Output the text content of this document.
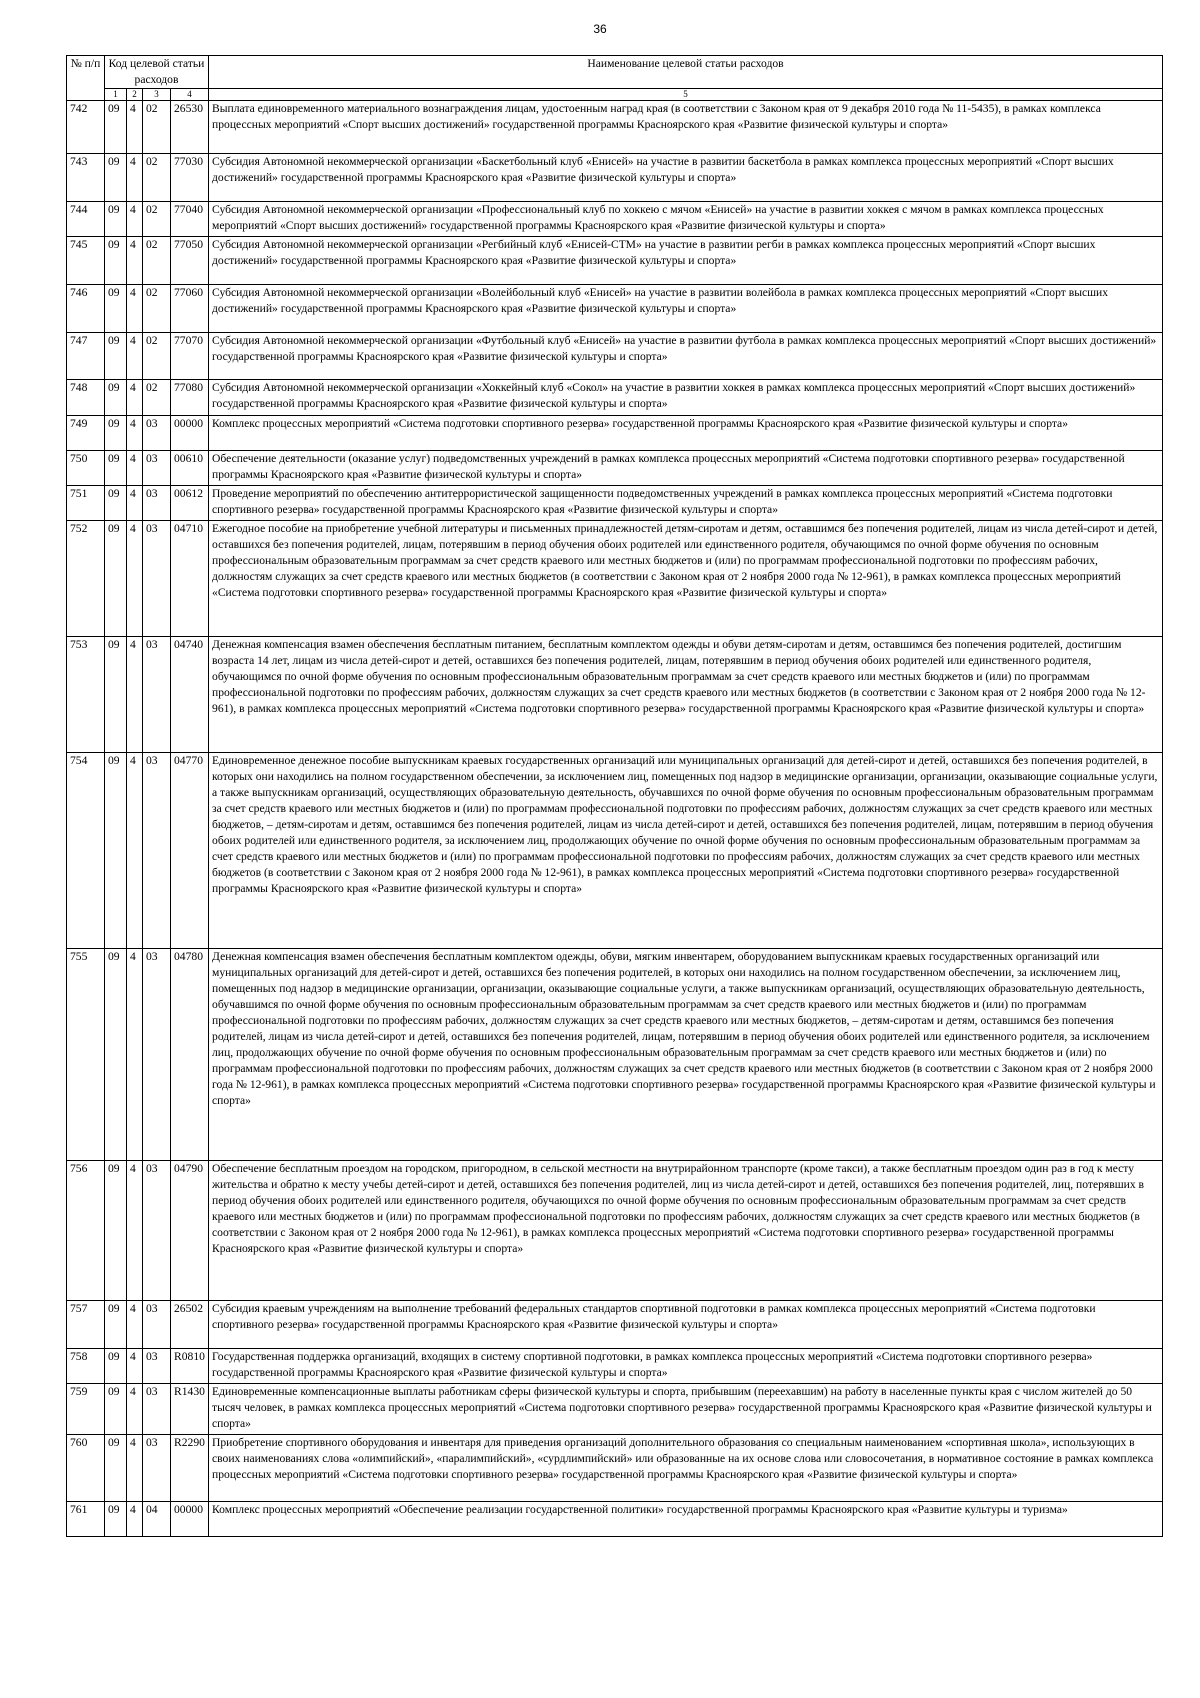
36
№ п/п	Код целевой статьи расходов				Наименование целевой статьи расходов
	1	2	3	4	5
742	09	4	02	26530	Выплата единовременного материального вознаграждения лицам, удостоенным наград края (в соответствии с Законом края от 9 декабря 2010 года № 11-5435), в рамках комплекса процессных мероприятий «Спорт высших достижений» государственной программы Красноярского края «Развитие физической культуры и спорта»
743	09	4	02	77030	Субсидия Автономной некоммерческой организации «Баскетбольный клуб «Енисей» на участие в развитии баскетбола в рамках комплекса процессных мероприятий «Спорт высших достижений» государственной программы Красноярского края «Развитие физической культуры и спорта»
744	09	4	02	77040	Субсидия Автономной некоммерческой организации «Профессиональный клуб по хоккею с мячом «Енисей» на участие в развитии хоккея с мячом в рамках комплекса процессных мероприятий «Спорт высших достижений» государственной программы Красноярского края «Развитие физической культуры и спорта»
745	09	4	02	77050	Субсидия Автономной некоммерческой организации «Регбийный клуб «Енисей-СТМ» на участие в развитии регби в рамках комплекса процессных мероприятий «Спорт высших достижений» государственной программы Красноярского края «Развитие физической культуры и спорта»
746	09	4	02	77060	Субсидия Автономной некоммерческой организации «Волейбольный клуб «Енисей» на участие в развитии волейбола в рамках комплекса процессных мероприятий «Спорт высших достижений» государственной программы Красноярского края «Развитие физической культуры и спорта»
747	09	4	02	77070	Субсидия Автономной некоммерческой организации «Футбольный клуб «Енисей» на участие в развитии футбола в рамках комплекса процессных мероприятий «Спорт высших достижений» государственной программы Красноярского края «Развитие физической культуры и спорта»
748	09	4	02	77080	Субсидия Автономной некоммерческой организации «Хоккейный клуб «Сокол» на участие в развитии хоккея в рамках комплекса процессных мероприятий «Спорт высших достижений» государственной программы Красноярского края «Развитие физической культуры и спорта»
749	09	4	03	00000	Комплекс процессных мероприятий «Система подготовки спортивного резерва» государственной программы Красноярского края «Развитие физической культуры и спорта»
750	09	4	03	00610	Обеспечение деятельности (оказание услуг) подведомственных учреждений в рамках комплекса процессных мероприятий «Система подготовки спортивного резерва» государственной программы Красноярского края «Развитие физической культуры и спорта»
751	09	4	03	00612	Проведение мероприятий по обеспечению антитеррористической защищенности подведомственных учреждений в рамках комплекса процессных мероприятий «Система подготовки спортивного резерва» государственной программы Красноярского края «Развитие физической культуры и спорта»
752	09	4	03	04710	Ежегодное пособие на приобретение учебной литературы и письменных принадлежностей детям-сиротам и детям, оставшимся без попечения родителей, лицам из числа детей-сирот и детей, оставшихся без попечения родителей, лицам, потерявшим в период обучения обоих родителей или единственного родителя, обучающимся по очной форме обучения по основным профессиональным образовательным программам за счет средств краевого или местных бюджетов и (или) по программам профессиональной подготовки по профессиям рабочих, должностям служащих за счет средств краевого или местных бюджетов (в соответствии с Законом края от 2 ноября 2000 года № 12-961), в рамках комплекса процессных мероприятий «Система подготовки спортивного резерва» государственной программы Красноярского края «Развитие физической культуры и спорта»
753	09	4	03	04740	Денежная компенсация взамен обеспечения бесплатным питанием, бесплатным комплектом одежды и обуви детям-сиротам и детям, оставшимся без попечения родителей, достигшим возраста 14 лет, лицам из числа детей-сирот и детей, оставшихся без попечения родителей, лицам, потерявшим в период обучения обоих родителей или единственного родителя, обучающимся по очной форме обучения по основным профессиональным образовательным программам за счет средств краевого или местных бюджетов и (или) по программам профессиональной подготовки по профессиям рабочих, должностям служащих за счет средств краевого или местных бюджетов (в соответствии с Законом края от 2 ноября 2000 года № 12-961), в рамках комплекса процессных мероприятий «Система подготовки спортивного резерва» государственной программы Красноярского края «Развитие физической культуры и спорта»
754	09	4	03	04770	Единовременное денежное пособие выпускникам краевых государственных организаций или муниципальных организаций для детей-сирот и детей, оставшихся без попечения родителей, в которых они находились на полном государственном обеспечении, за исключением лиц, помещенных под надзор в медицинские организации, организации, оказывающие социальные услуги, а также выпускникам организаций, осуществляющих образовательную деятельность, обучавшихся по очной форме обучения по основным профессиональным образовательным программам за счет средств краевого или местных бюджетов и (или) по программам профессиональной подготовки по профессиям рабочих, должностям служащих за счет средств краевого или местных бюджетов, – детям-сиротам и детям, оставшимся без попечения родителей, лицам из числа детей-сирот и детей, оставшихся без попечения родителей, лицам, потерявшим в период обучения обоих родителей или единственного родителя, за исключением лиц, продолжающих обучение по очной форме обучения по основным профессиональным образовательным программам за счет средств краевого или местных бюджетов и (или) по программам профессиональной подготовки по профессиям рабочих, должностям служащих за счет средств краевого или местных бюджетов (в соответствии с Законом края от 2 ноября 2000 года № 12-961), в рамках комплекса процессных мероприятий «Система подготовки спортивного резерва» государственной программы Красноярского края «Развитие физической культуры и спорта»
755	09	4	03	04780	Денежная компенсация взамен обеспечения бесплатным комплектом одежды, обуви, мягким инвентарем, оборудованием выпускникам краевых государственных организаций или муниципальных организаций для детей-сирот и детей, оставшихся без попечения родителей, в которых они находились на полном государственном обеспечении, за исключением лиц, помещенных под надзор в медицинские организации, организации, оказывающие социальные услуги, а также выпускникам организаций, осуществляющих образовательную деятельность, обучавшимся по очной форме обучения по основным профессиональным образовательным программам за счет средств краевого или местных бюджетов и (или) по программам профессиональной подготовки по профессиям рабочих, должностям служащих за счет средств краевого или местных бюджетов, – детям-сиротам и детям, оставшимся без попечения родителей, лицам из числа детей-сирот и детей, оставшихся без попечения родителей, лицам, потерявшим в период обучения обоих родителей или единственного родителя, за исключением лиц, продолжающих обучение по очной форме обучения по основным профессиональным образовательным программам за счет средств краевого или местных бюджетов и (или) по программам профессиональной подготовки по профессиям рабочих, должностям служащих за счет средств краевого или местных бюджетов (в соответствии с Законом края от 2 ноября 2000 года № 12-961), в рамках комплекса процессных мероприятий «Система подготовки спортивного резерва» государственной программы Красноярского края «Развитие физической культуры и спорта»
756	09	4	03	04790	Обеспечение бесплатным проездом на городском, пригородном, в сельской местности на внутрирайонном транспорте (кроме такси), а также бесплатным проездом один раз в год к месту жительства и обратно к месту учебы детей-сирот и детей, оставшихся без попечения родителей, лиц из числа детей-сирот и детей, оставшихся без попечения родителей, лиц, потерявших в период обучения обоих родителей или единственного родителя, обучающихся по очной форме обучения по основным профессиональным образовательным программам за счет средств краевого или местных бюджетов и (или) по программам профессиональной подготовки по профессиям рабочих, должностям служащих за счет средств краевого или местных бюджетов (в соответствии с Законом края от 2 ноября 2000 года № 12-961), в рамках комплекса процессных мероприятий «Система подготовки спортивного резерва» государственной программы Красноярского края «Развитие физической культуры и спорта»
757	09	4	03	26502	Субсидия краевым учреждениям на выполнение требований федеральных стандартов спортивной подготовки в рамках комплекса процессных мероприятий «Система подготовки спортивного резерва» государственной программы Красноярского края «Развитие физической культуры и спорта»
758	09	4	03	R0810	Государственная поддержка организаций, входящих в систему спортивной подготовки, в рамках комплекса процессных мероприятий «Система подготовки спортивного резерва» государственной программы Красноярского края «Развитие физической культуры и спорта»
759	09	4	03	R1430	Единовременные компенсационные выплаты работникам сферы физической культуры и спорта, прибывшим (переехавшим) на работу в населенные пункты края с числом жителей до 50 тысяч человек, в рамках комплекса процессных мероприятий «Система подготовки спортивного резерва» государственной программы Красноярского края «Развитие физической культуры и спорта»
760	09	4	03	R2290	Приобретение спортивного оборудования и инвентаря для приведения организаций дополнительного образования со специальным наименованием «спортивная школа», использующих в своих наименованиях слова «олимпийский», «паралимпийский», «сурдлимпийский» или образованные на их основе слова или словосочетания, в нормативное состояние в рамках комплекса процессных мероприятий «Система подготовки спортивного резерва» государственной программы Красноярского края «Развитие физической культуры и спорта»
761	09	4	04	00000	Комплекс процессных мероприятий «Обеспечение реализации государственной политики» государственной программы Красноярского края «Развитие культуры и туризма»
